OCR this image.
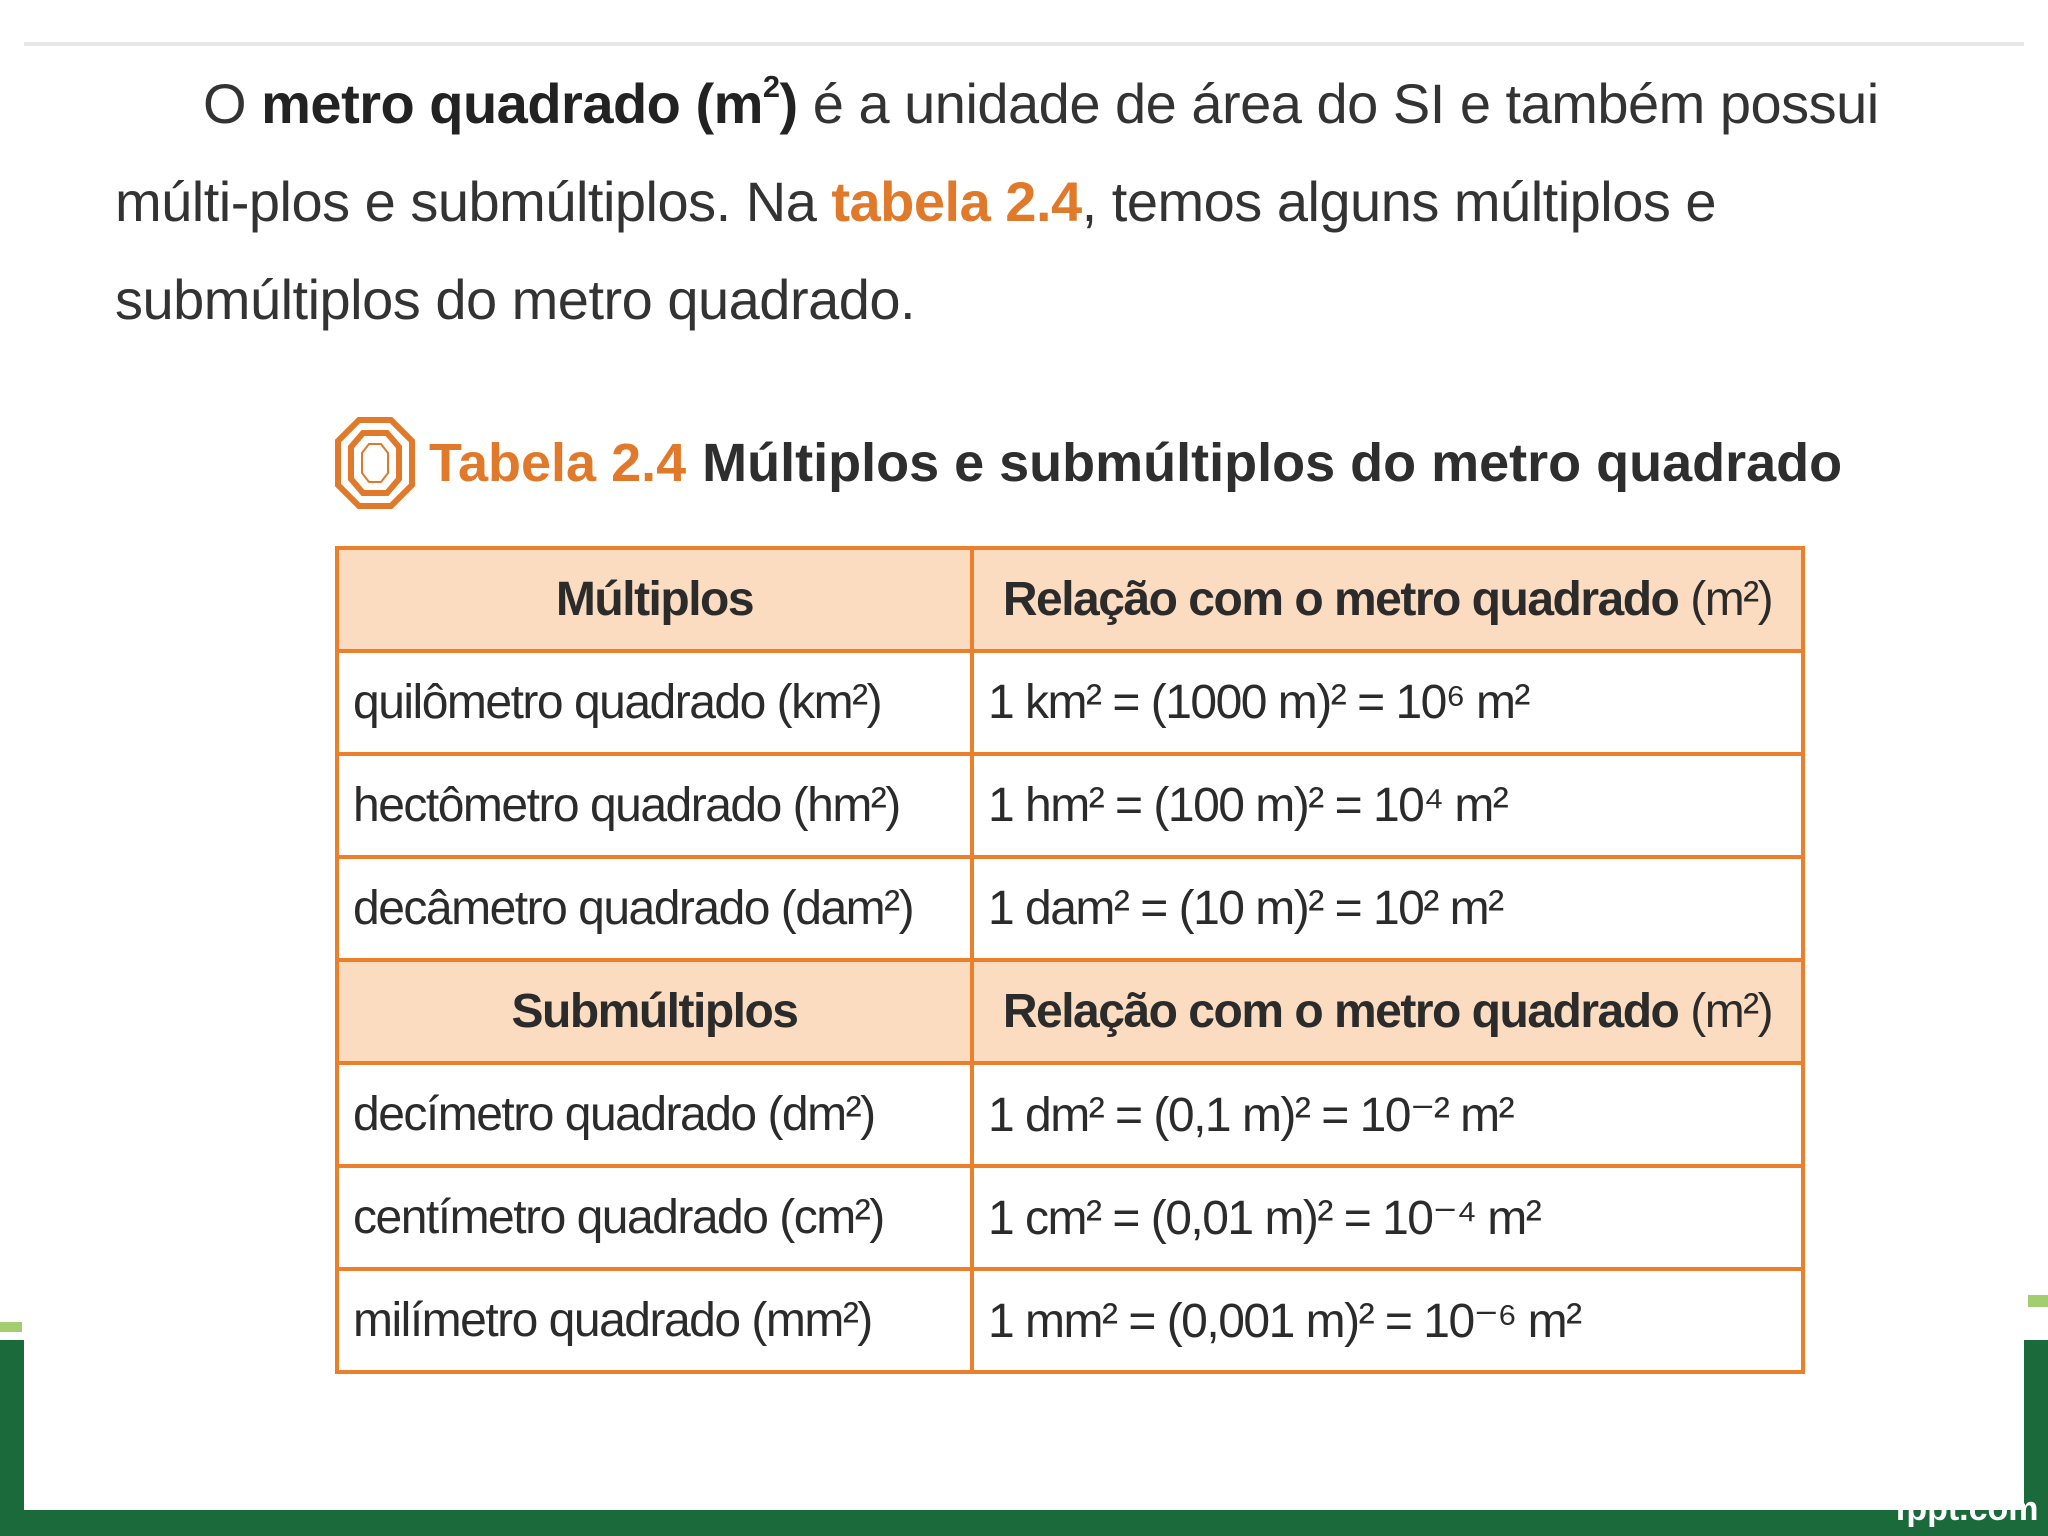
O metro quadrado $(m^2)$ é a unidade de área do SI e também possui múlti-plos e submúltiplos. Na tabela 2.4, temos alguns múltiplos e submúltiplos do metro quadrado.

Tabela 2.4 Múltiplos e submúltiplos do metro quadrado
Múltiplos	Relação com o metro quadrado (m²)
quilômetro quadrado (km²)	1 km² = (1000 m)² = 10⁶ m²
hectômetro quadrado (hm²)	1 hm² = (100 m)² = 10⁴ m²
decâmetro quadrado (dam²)	1 dam² = (10 m)² = 10² m²
Submúltiplos	Relação com o metro quadrado (m²)
decímetro quadrado (dm²)	1 dm² = (0,1 m)² = 10⁻² m²
centímetro quadrado (cm²)	1 cm² = (0,01 m)² = 10⁻⁴ m²
milímetro quadrado (mm²)	1 mm² = (0,001 m)² = 10⁻⁶ m²
fppt.com
